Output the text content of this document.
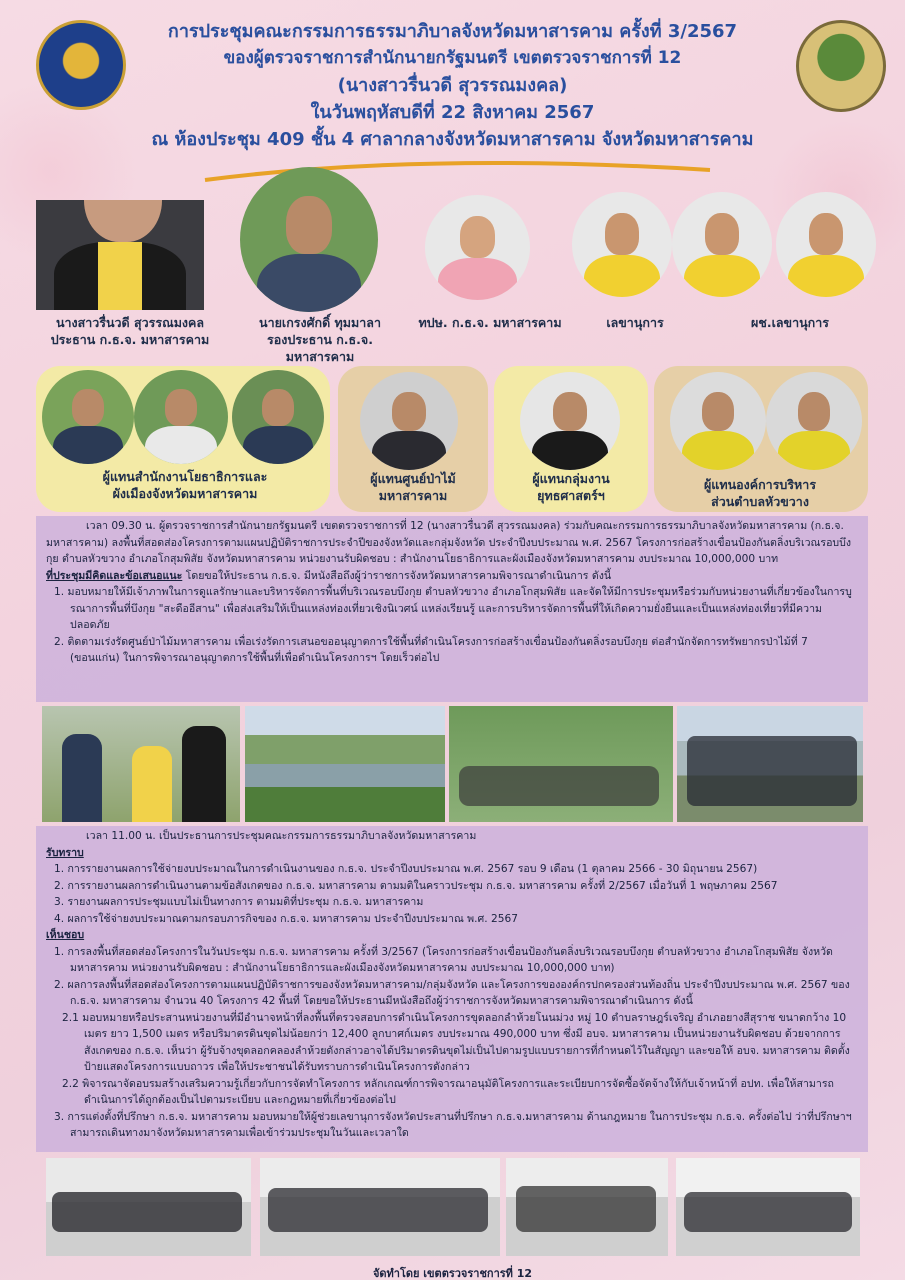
การประชุมคณะกรรมการธรรมาภิบาลจังหวัดมหาสารคาม ครั้งที่ 3/2567
ของผู้ตรวจราชการสำนักนายกรัฐมนตรี เขตตรวจราชการที่ 12
(นางสาวรื่นวดี สุวรรณมงคล)
ในวันพฤหัสบดีที่ 22 สิงหาคม 2567
ณ ห้องประชุม 409 ชั้น 4 ศาลากลางจังหวัดมหาสารคาม จังหวัดมหาสารคาม
นางสาวรื่นวดี สุวรรณมงคล
ประธาน ก.ธ.จ. มหาสารคาม
นายเกรงศักดิ์ ทุมมาลา
รองประธาน ก.ธ.จ.
มหาสารคาม
ทปษ. ก.ธ.จ. มหาสารคาม	เลขานุการ	ผช.เลขานุการ
ผู้แทนสำนักงานโยธาธิการและ
ผังเมืองจังหวัดมหาสารคาม
ผู้แทนศูนย์ป่าไม้
มหาสารคาม
ผู้แทนกลุ่มงาน
ยุทธศาสตร์ฯ
ผู้แทนองค์การบริหาร
ส่วนตำบลหัวขวาง
เวลา 09.30 น. ผู้ตรวจราชการสำนักนายกรัฐมนตรี เขตตรวจราชการที่ 12 (นางสาวรื่นวดี สุวรรณมงคล) ร่วมกับคณะกรรมการธรรมาภิบาลจังหวัดมหาสารคาม (ก.ธ.จ. มหาสารคาม) ลงพื้นที่สอดส่องโครงการตามแผนปฏิบัติราชการประจำปีของจังหวัดและกลุ่มจังหวัด ประจำปีงบประมาณ พ.ศ. 2567 โครงการก่อสร้างเขื่อนป้องกันตลิ่งบริเวณรอบบึงกุย ตำบลหัวขวาง อำเภอโกสุมพิสัย จังหวัดมหาสารคาม หน่วยงานรับผิดชอบ : สำนักงานโยธาธิการและผังเมืองจังหวัดมหาสารคาม งบประมาณ 10,000,000 บาท
ที่ประชุมมีคิดและข้อเสนอแนะ โดยขอให้ประธาน ก.ธ.จ. มีหนังสือถึงผู้ว่าราชการจังหวัดมหาสารคามพิจารณาดำเนินการ ดังนี้
1. มอบหมายให้มีเจ้าภาพในการดูแลรักษาและบริหารจัดการพื้นที่บริเวณรอบบึงกุย ตำบลหัวขวาง อำเภอโกสุมพิสัย และจัดให้มีการประชุมหรือร่วมกับหน่วยงานที่เกี่ยวข้องในการบูรณาการพื้นที่บึงกุย "สะดืออีสาน" เพื่อส่งเสริมให้เป็นแหล่งท่องเที่ยวเชิงนิเวศน์ แหล่งเรียนรู้ และการบริหารจัดการพื้นที่ให้เกิดความยั่งยืนและเป็นแหล่งท่องเที่ยวที่มีความปลอดภัย
2. ติดตามเร่งรัดศูนย์ป่าไม้มหาสารคาม เพื่อเร่งรัดการเสนอขออนุญาตการใช้พื้นที่ดำเนินโครงการก่อสร้างเขื่อนป้องกันตลิ่งรอบบึงกุย ต่อสำนักจัดการทรัพยากรป่าไม้ที่ 7 (ขอนแก่น) ในการพิจารณาอนุญาตการใช้พื้นที่เพื่อดำเนินโครงการฯ โดยเร็วต่อไป
เวลา 11.00 น. เป็นประธานการประชุมคณะกรรมการธรรมาภิบาลจังหวัดมหาสารคาม
รับทราบ
1. การรายงานผลการใช้จ่ายงบประมาณในการดำเนินงานของ ก.ธ.จ. ประจำปีงบประมาณ พ.ศ. 2567 รอบ 9 เดือน (1 ตุลาคม 2566 - 30 มิถุนายน 2567)
2. การรายงานผลการดำเนินงานตามข้อสังเกตของ ก.ธ.จ. มหาสารคาม ตามมติในคราวประชุม ก.ธ.จ. มหาสารคาม ครั้งที่ 2/2567 เมื่อวันที่ 1 พฤษภาคม 2567
3. รายงานผลการประชุมแบบไม่เป็นทางการ ตามมติที่ประชุม ก.ธ.จ. มหาสารคาม
4. ผลการใช้จ่ายงบประมาณตามกรอบภารกิจของ ก.ธ.จ. มหาสารคาม ประจำปีงบประมาณ พ.ศ. 2567
เห็นชอบ
1. การลงพื้นที่สอดส่องโครงการในวันประชุม ก.ธ.จ. มหาสารคาม ครั้งที่ 3/2567 (โครงการก่อสร้างเขื่อนป้องกันตลิ่งบริเวณรอบบึงกุย ตำบลหัวขวาง อำเภอโกสุมพิสัย จังหวัดมหาสารคาม หน่วยงานรับผิดชอบ : สำนักงานโยธาธิการและผังเมืองจังหวัดมหาสารคาม งบประมาณ 10,000,000 บาท)
2. ผลการลงพื้นที่สอดส่องโครงการตามแผนปฏิบัติราชการของจังหวัดมหาสารคาม/กลุ่มจังหวัด และโครงการขององค์กรปกครองส่วนท้องถิ่น ประจำปีงบประมาณ พ.ศ. 2567 ของ ก.ธ.จ. มหาสารคาม จำนวน 40 โครงการ 42 พื้นที่ โดยขอให้ประธานมีหนังสือถึงผู้ว่าราชการจังหวัดมหาสารคามพิจารณาดำเนินการ ดังนี้
2.1 มอบหมายหรือประสานหน่วยงานที่มีอำนาจหน้าที่ลงพื้นที่ตรวจสอบการดำเนินโครงการขุดลอกลำห้วยโนนม่วง หมู่ 10 ตำบลราษฎร์เจริญ อำเภอยางสีสุราช ขนาดกว้าง 10 เมตร ยาว 1,500 เมตร หรือปริมาตรดินขุดไม่น้อยกว่า 12,400 ลูกบาศก์เมตร งบประมาณ 490,000 บาท ซึ่งมี อบจ. มหาสารคาม เป็นหน่วยงานรับผิดชอบ ด้วยจากการสังเกตของ ก.ธ.จ. เห็นว่า ผู้รับจ้างขุดลอกคลองลำห้วยดังกล่าวอาจได้ปริมาตรดินขุดไม่เป็นไปตามรูปแบบรายการที่กำหนดไว้ในสัญญา และขอให้ อบจ. มหาสารคาม ติดตั้งป้ายแสดงโครงการแบบถาวร เพื่อให้ประชาชนได้รับทราบการดำเนินโครงการดังกล่าว
2.2 พิจารณาจัดอบรมสร้างเสริมความรู้เกี่ยวกับการจัดทำโครงการ หลักเกณฑ์การพิจารณาอนุมัติโครงการและระเบียบการจัดซื้อจัดจ้างให้กับเจ้าหน้าที่ อปท. เพื่อให้สามารถดำเนินการได้ถูกต้องเป็นไปตามระเบียบ และกฎหมายที่เกี่ยวข้องต่อไป
3. การแต่งตั้งที่ปรึกษา ก.ธ.จ. มหาสารคาม มอบหมายให้ผู้ช่วยเลขานุการจังหวัดประสานที่ปรึกษา ก.ธ.จ.มหาสารคาม ด้านกฎหมาย ในการประชุม ก.ธ.จ. ครั้งต่อไป ว่าที่ปรึกษาฯ สามารถเดินทางมาจังหวัดมหาสารคามเพื่อเข้าร่วมประชุมในวันและเวลาใด
จัดทำโดย เขตตรวจราชการที่ 12
